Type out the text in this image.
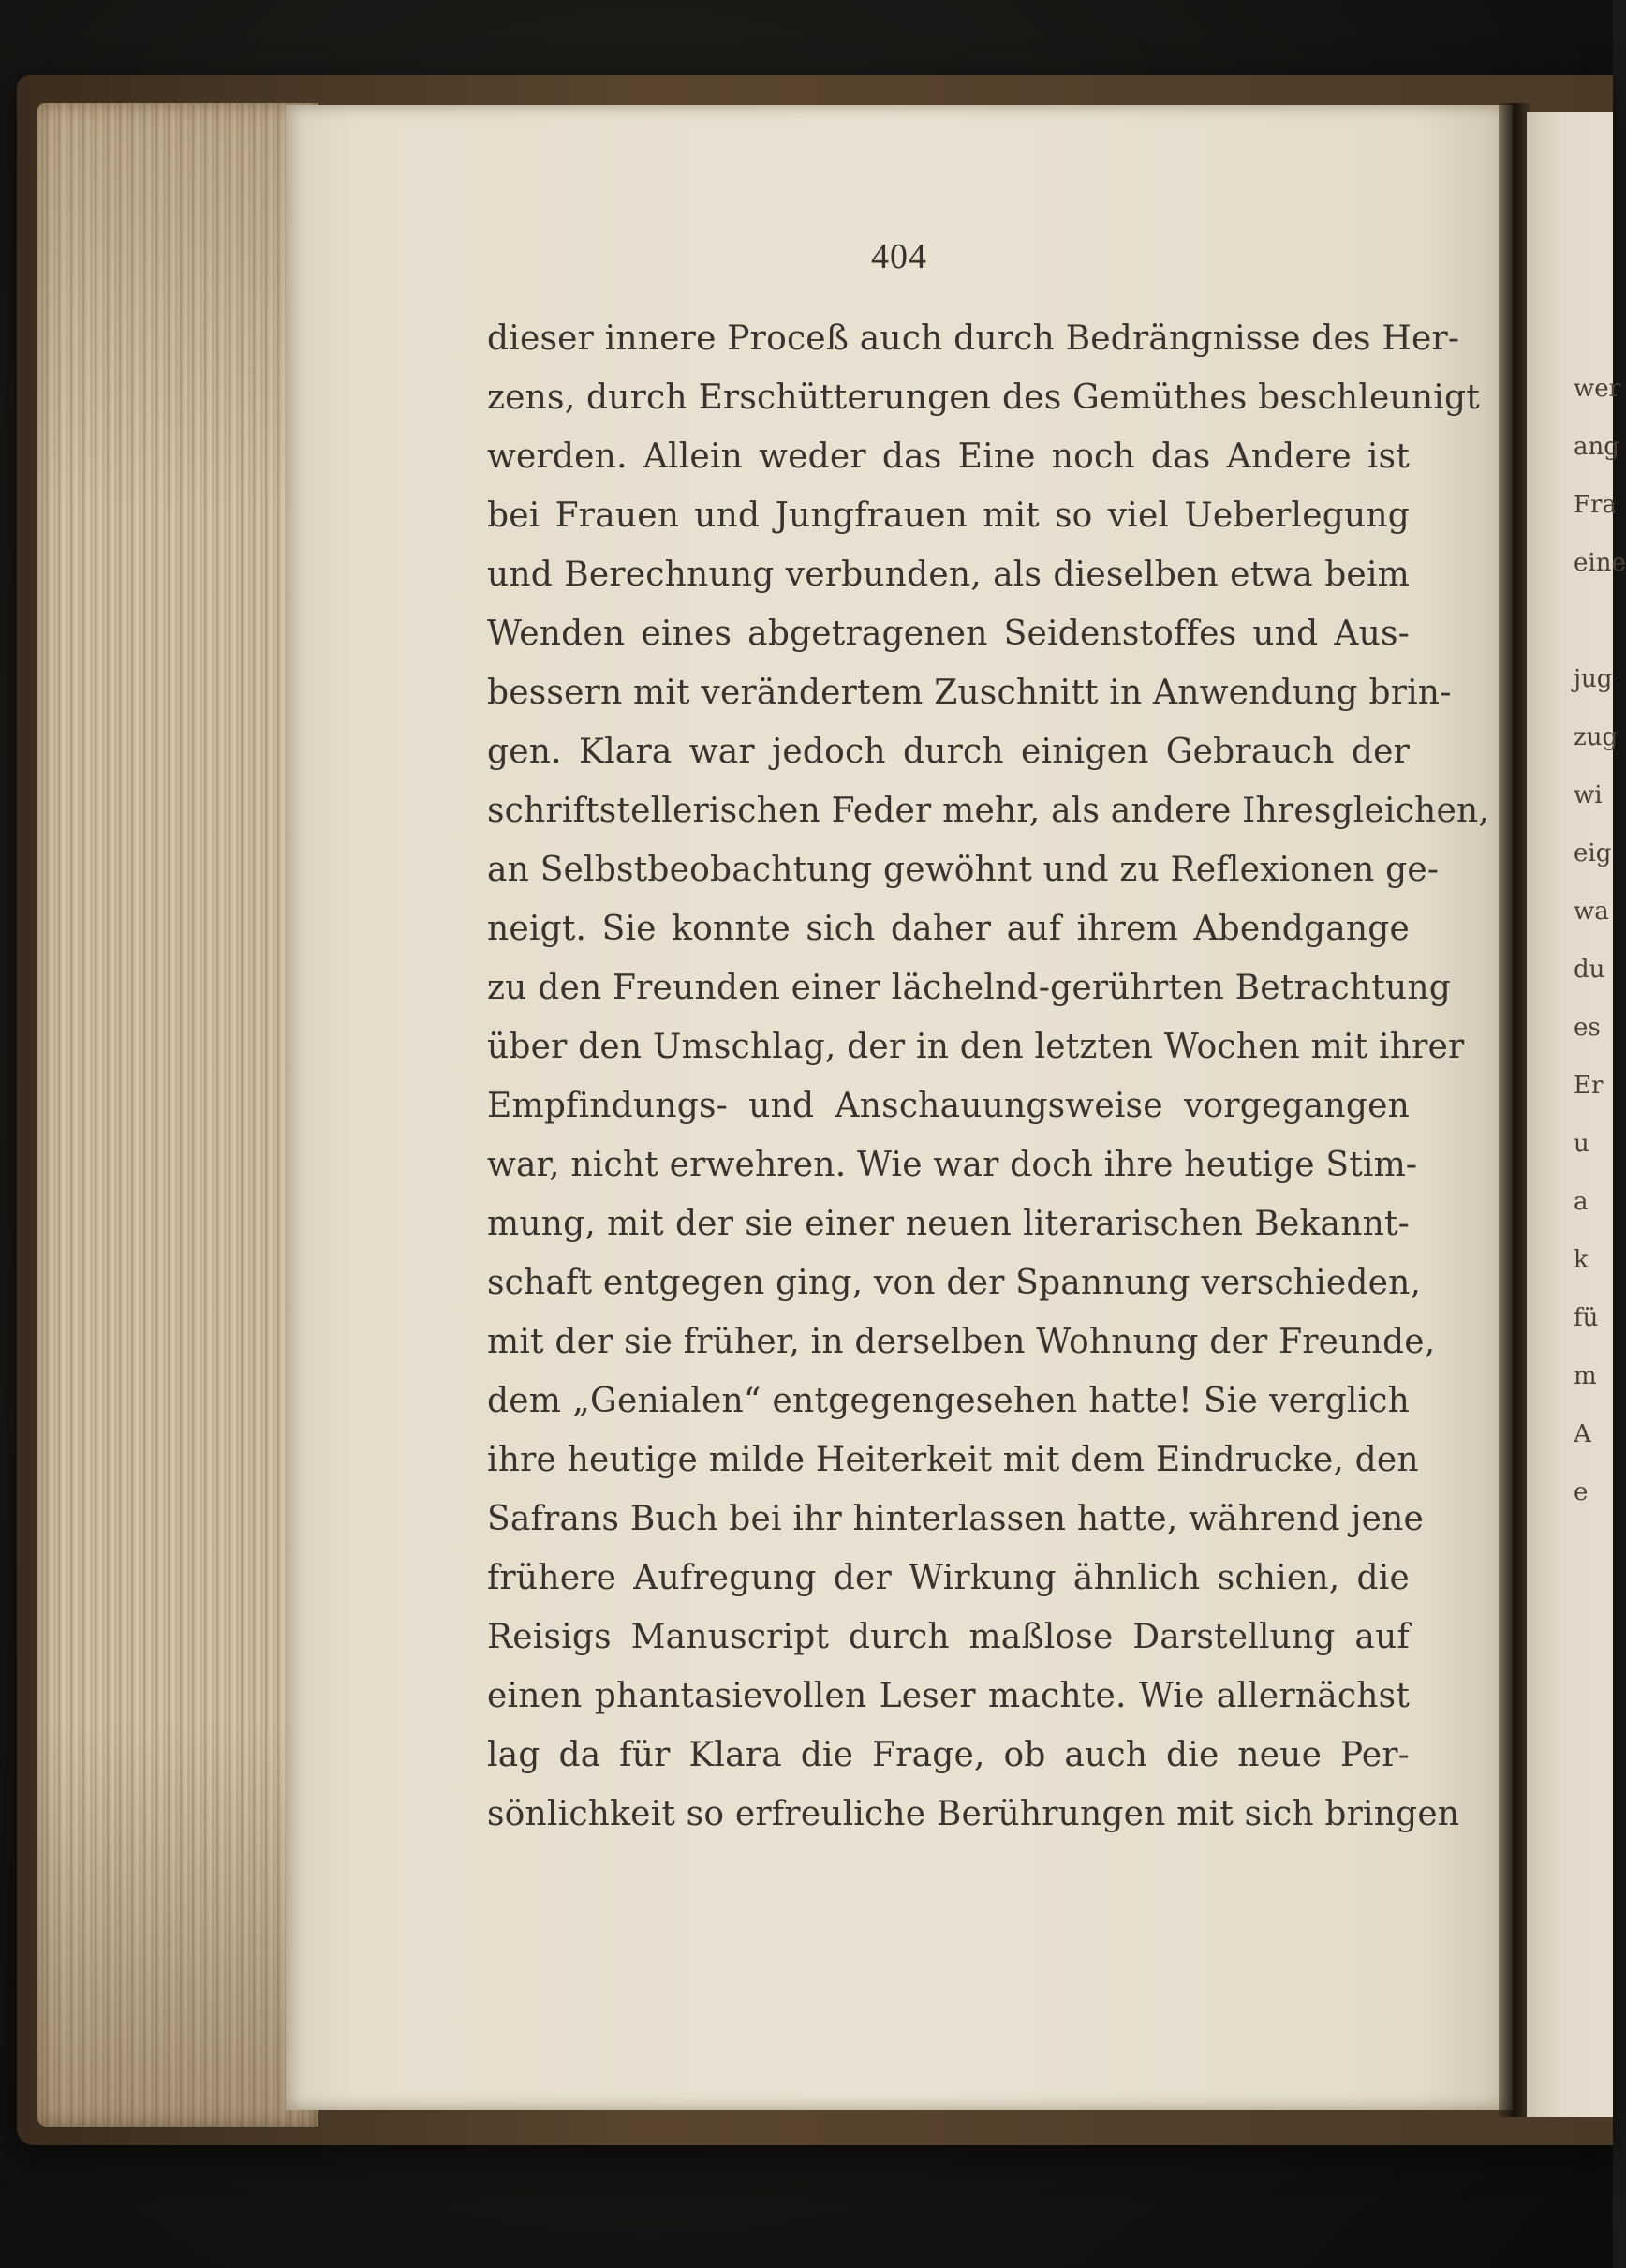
404
dieser innere Proceß auch durch Bedrängnisse des Her-
zens, durch Erschütterungen des Gemüthes beschleunigt
werden. Allein weder das Eine noch das Andere ist
bei Frauen und Jungfrauen mit so viel Ueberlegung
und Berechnung verbunden, als dieselben etwa beim
Wenden eines abgetragenen Seidenstoffes und Aus-
bessern mit verändertem Zuschnitt in Anwendung brin-
gen. Klara war jedoch durch einigen Gebrauch der
schriftstellerischen Feder mehr, als andere Ihresgleichen,
an Selbstbeobachtung gewöhnt und zu Reflexionen ge-
neigt. Sie konnte sich daher auf ihrem Abendgange
zu den Freunden einer lächelnd-gerührten Betrachtung
über den Umschlag, der in den letzten Wochen mit ihrer
Empfindungs- und Anschauungsweise vorgegangen
war, nicht erwehren. Wie war doch ihre heutige Stim-
mung, mit der sie einer neuen literarischen Bekannt-
schaft entgegen ging, von der Spannung verschieden,
mit der sie früher, in derselben Wohnung der Freunde,
dem „Genialen“ entgegengesehen hatte! Sie verglich
ihre heutige milde Heiterkeit mit dem Eindrucke, den
Safrans Buch bei ihr hinterlassen hatte, während jene
frühere Aufregung der Wirkung ähnlich schien, die
Reisigs Manuscript durch maßlose Darstellung auf
einen phantasievollen Leser machte. Wie allernächst
lag da für Klara die Frage, ob auch die neue Per-
sönlichkeit so erfreuliche Berührungen mit sich bringen
wer
ang
Fra
eine
jug
zug
wi
eig
wa
du
es
Er
u
a
k
fü
m
A
e
